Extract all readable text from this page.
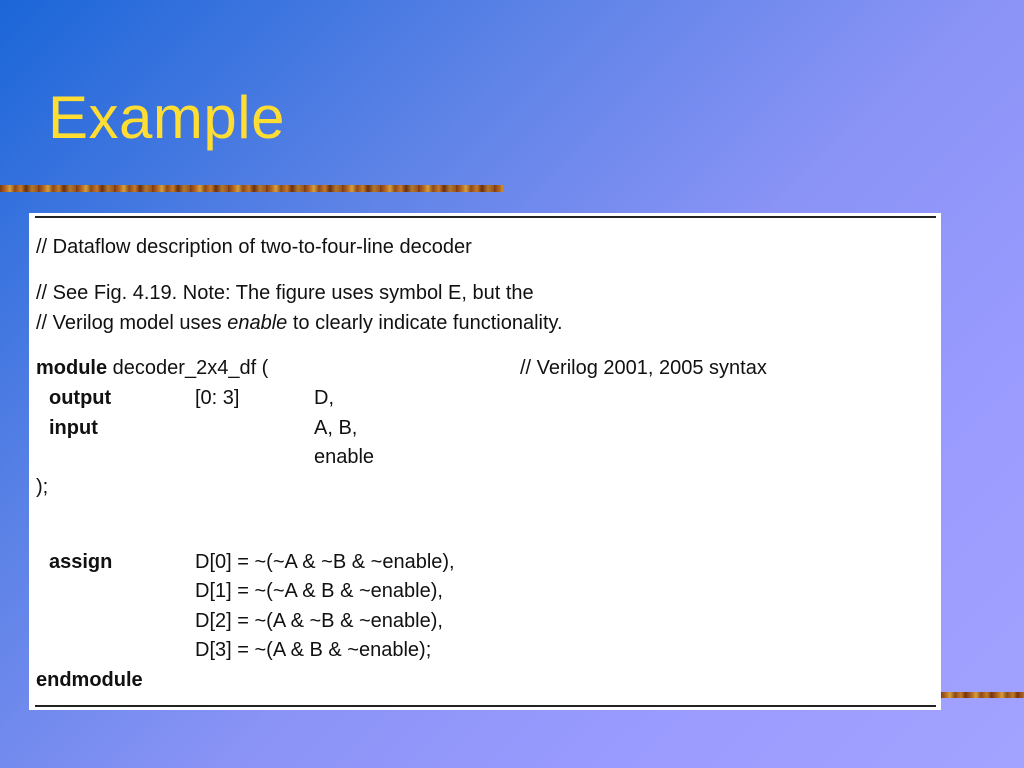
Example
// Dataflow description of two-to-four-line decoder
// See Fig. 4.19. Note: The figure uses symbol E, but the
// Verilog model uses enable to clearly indicate functionality.
module decoder_2x4_df (	// Verilog 2001, 2005 syntax
output	[0: 3]	D,
input	A, B,
enable
);
assign	D[0] = ~(~A & ~B & ~enable),
D[1] = ~(~A & B & ~enable),
D[2] = ~(A & ~B & ~enable),
D[3] = ~(A & B & ~enable);
endmodule
